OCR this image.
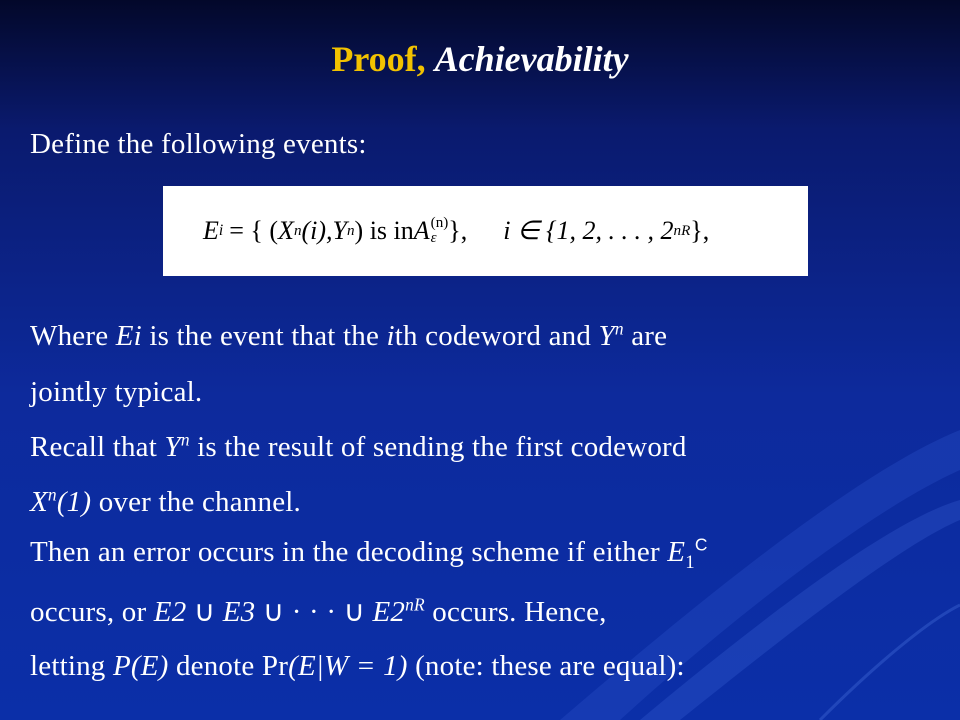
Proof, Achievability
Define the following events:
E i = { ( X n (i), Y n ) is in A (n)
ε }, i ∈ {1, 2, . . . , 2 nR },
Where Ei is the event that the ith codeword and $Y^n$ are
jointly typical.
Recall that $Y^n$ is the result of sending the first codeword
$X^n(1)$ over the channel.
Then an error occurs in the decoding scheme if either $E_1^C$
occurs, or E2 ∪ E3 ∪ · · · ∪ $E2^{nR}$ occurs. Hence,
letting P(E) denote Pr(E|W = 1) (note: these are equal):
